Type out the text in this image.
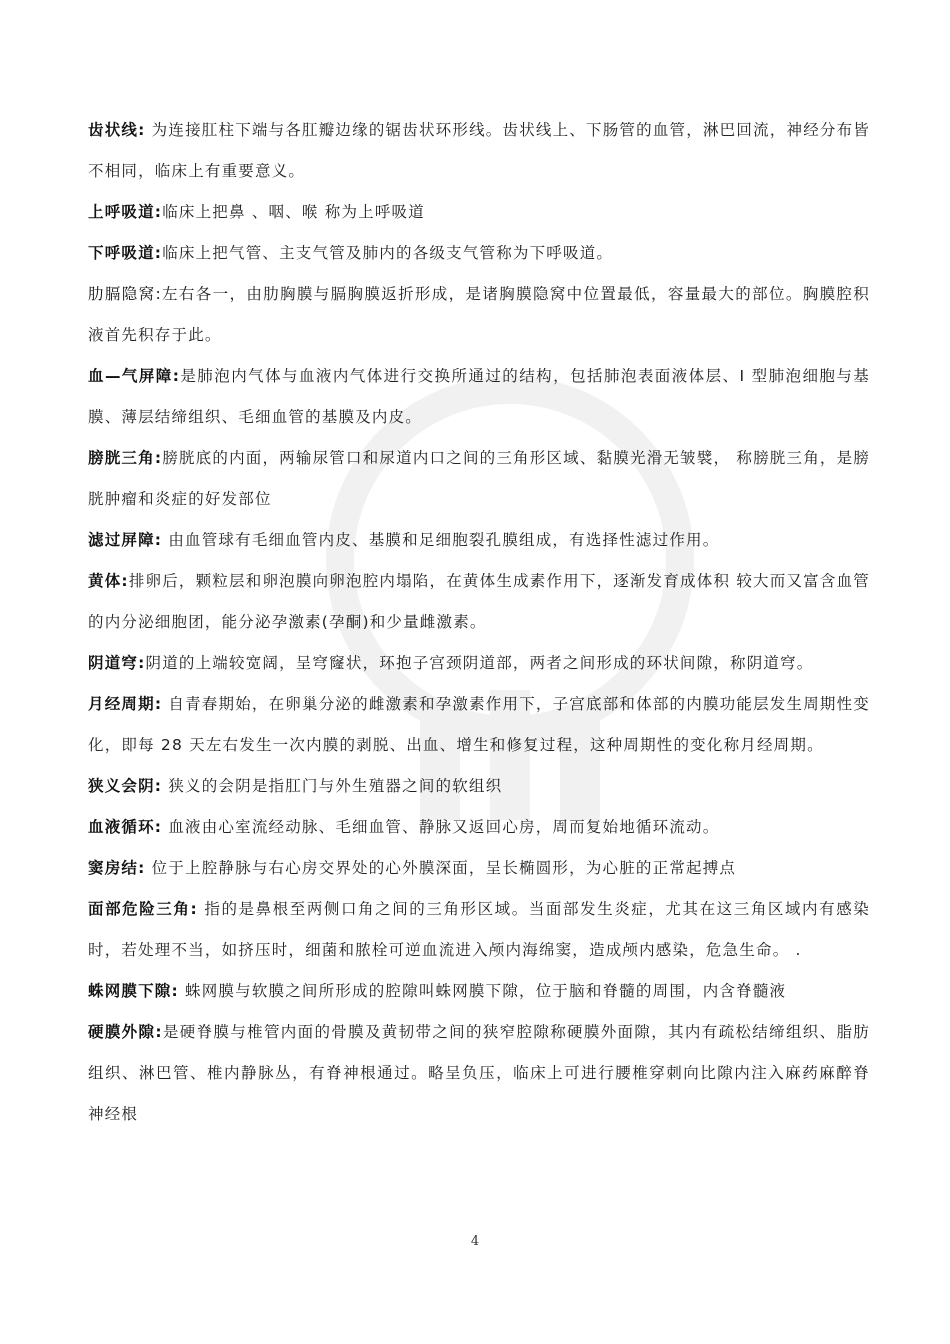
齿状线: 为连接肛柱下端与各肛瓣边缘的锯齿状环形线。齿状线上、下肠管的血管，淋巴回流，神经分布皆不相同，临床上有重要意义。

上呼吸道:临床上把鼻 、咽、喉 称为上呼吸道

下呼吸道:临床上把气管、主支气管及肺内的各级支气管称为下呼吸道。

肋膈隐窝:左右各一，由肋胸膜与膈胸膜返折形成，是诸胸膜隐窝中位置最低，容量最大的部位。胸膜腔积液首先积存于此。

血—气屏障:是肺泡内气体与血液内气体进行交换所通过的结构，包括肺泡表面液体层、I 型肺泡细胞与基膜、薄层结缔组织、毛细血管的基膜及内皮。

膀胱三角:膀胱底的内面，两输尿管口和尿道内口之间的三角形区域、黏膜光滑无皱襞， 称膀胱三角，是膀胱肿瘤和炎症的好发部位

滤过屏障: 由血管球有毛细血管内皮、基膜和足细胞裂孔膜组成，有选择性滤过作用。

黄体:排卵后，颗粒层和卵泡膜向卵泡腔内塌陷，在黄体生成素作用下，逐渐发育成体积 较大而又富含血管的内分泌细胞团，能分泌孕激素(孕酮)和少量雌激素。

阴道穹:阴道的上端较宽阔，呈穹窿状，环抱子宫颈阴道部，两者之间形成的环状间隙，称阴道穹。

月经周期: 自青春期始，在卵巢分泌的雌激素和孕激素作用下，子宫底部和体部的内膜功能层发生周期性变化，即每 28 天左右发生一次内膜的剥脱、出血、增生和修复过程，这种周期性的变化称月经周期。

狭义会阴: 狭义的会阴是指肛门与外生殖器之间的软组织

血液循环: 血液由心室流经动脉、毛细血管、静脉又返回心房，周而复始地循环流动。

窦房结: 位于上腔静脉与右心房交界处的心外膜深面，呈长椭圆形，为心脏的正常起搏点

面部危险三角: 指的是鼻根至两侧口角之间的三角形区域。当面部发生炎症，尤其在这三角区域内有感染时，若处理不当，如挤压时，细菌和脓栓可逆血流进入颅内海绵窦，造成颅内感染，危急生命。 .

蛛网膜下隙: 蛛网膜与软膜之间所形成的腔隙叫蛛网膜下隙，位于脑和脊髓的周围，内含脊髓液

硬膜外隙:是硬脊膜与椎管内面的骨膜及黄韧带之间的狭窄腔隙称硬膜外面隙，其内有疏松结缔组织、脂肪组织、淋巴管、椎内静脉丛，有脊神根通过。略呈负压，临床上可进行腰椎穿刺向比隙内注入麻药麻醉脊神经根

4
